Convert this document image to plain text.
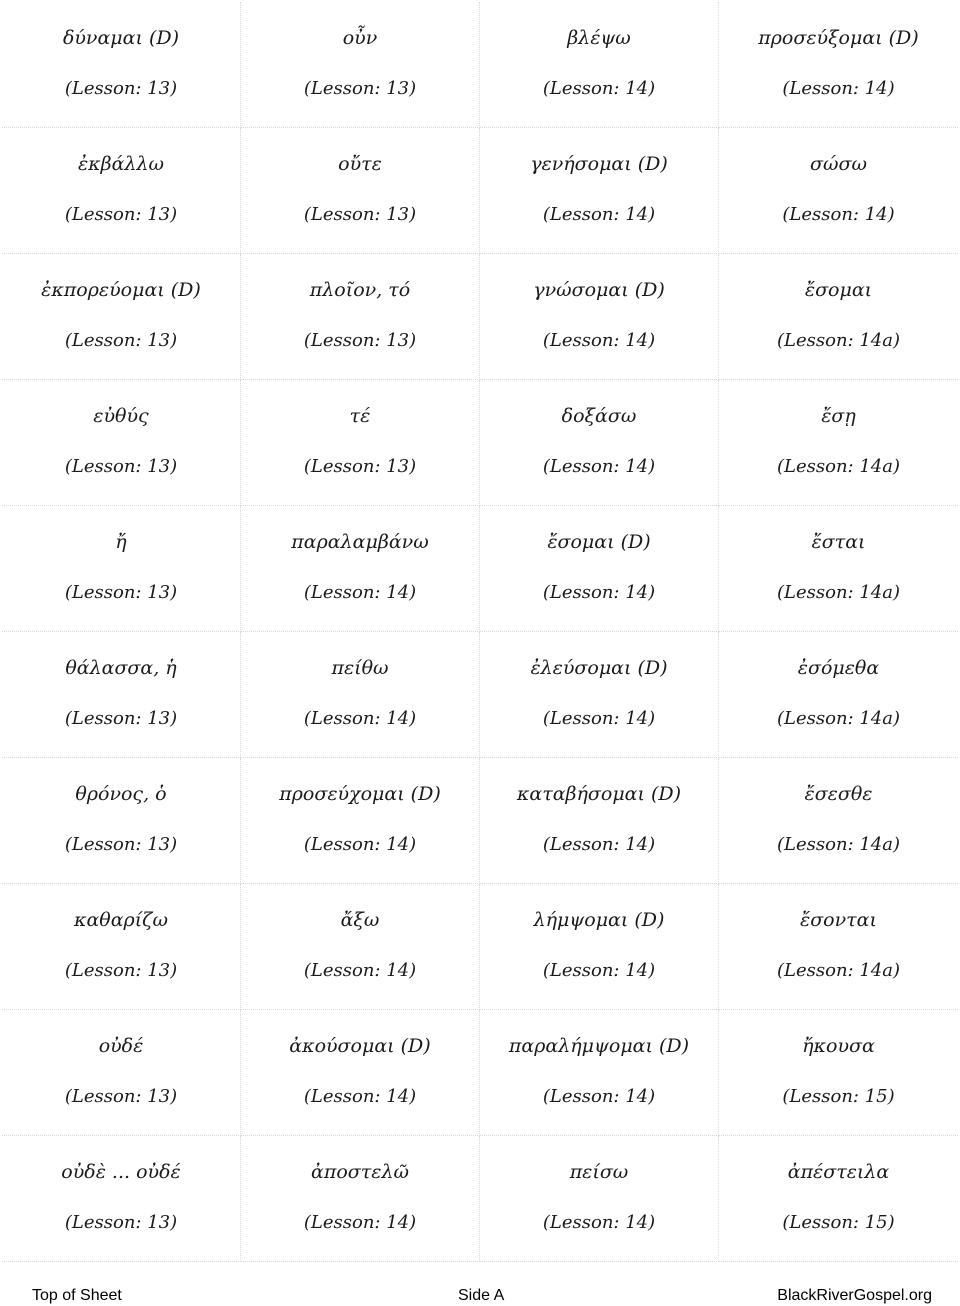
δύναμαι (D)
(Lesson: 13)
οὖν
(Lesson: 13)
βλέψω
(Lesson: 14)
προσεύξομαι (D)
(Lesson: 14)
ἐκβάλλω
(Lesson: 13)
οὔτε
(Lesson: 13)
γενήσομαι (D)
(Lesson: 14)
σώσω
(Lesson: 14)
ἐκπορεύομαι (D)
(Lesson: 13)
πλοῖον, τό
(Lesson: 13)
γνώσομαι (D)
(Lesson: 14)
ἔσομαι
(Lesson: 14a)
εὐθύς
(Lesson: 13)
τέ
(Lesson: 13)
δοξάσω
(Lesson: 14)
ἔσῃ
(Lesson: 14a)
ἤ
(Lesson: 13)
παραλαμβάνω
(Lesson: 14)
ἔσομαι (D)
(Lesson: 14)
ἔσται
(Lesson: 14a)
θάλασσα, ἡ
(Lesson: 13)
πείθω
(Lesson: 14)
ἐλεύσομαι (D)
(Lesson: 14)
ἐσόμεθα
(Lesson: 14a)
θρόνος, ὁ
(Lesson: 13)
προσεύχομαι (D)
(Lesson: 14)
καταβήσομαι (D)
(Lesson: 14)
ἔσεσθε
(Lesson: 14a)
καθαρίζω
(Lesson: 13)
ἄξω
(Lesson: 14)
λήμψομαι (D)
(Lesson: 14)
ἔσονται
(Lesson: 14a)
οὐδέ
(Lesson: 13)
ἀκούσομαι (D)
(Lesson: 14)
παραλήμψομαι (D)
(Lesson: 14)
ἤκουσα
(Lesson: 15)
οὐδὲ ... οὐδέ
(Lesson: 13)
ἀποστελῶ
(Lesson: 14)
πείσω
(Lesson: 14)
ἀπέστειλα
(Lesson: 15)
Top of Sheet	Side A	BlackRiverGospel.org
